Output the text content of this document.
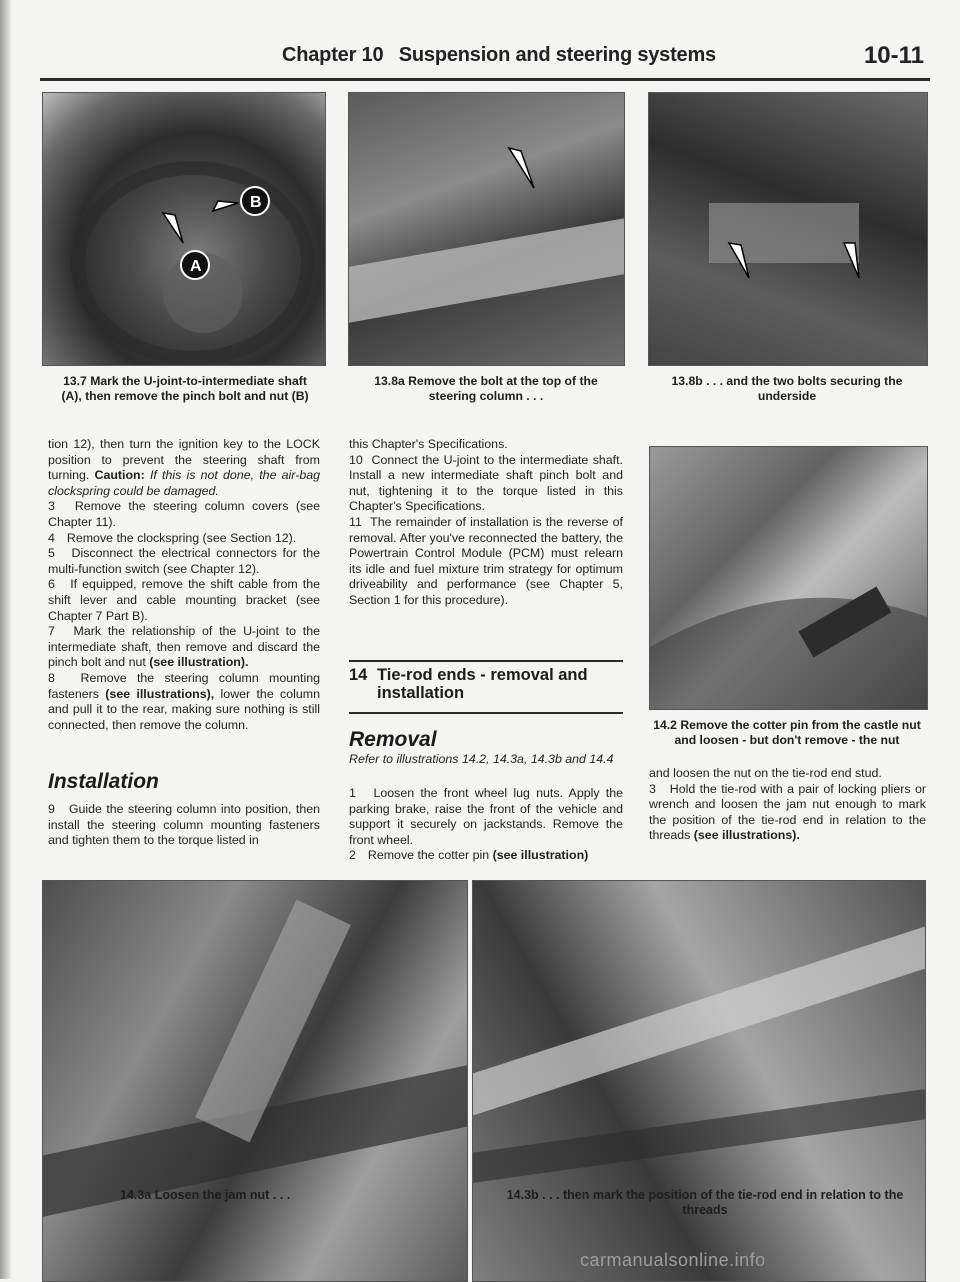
Chapter 10 Suspension and steering systems	10-11
B
A
13.7 Mark the U-joint-to-intermediate shaft (A), then remove the pinch bolt and nut (B)
13.8a Remove the bolt at the top of the steering column . . .
13.8b . . . and the two bolts securing the underside

tion 12), then turn the ignition key to the LOCK position to prevent the steering shaft from turning. Caution: If this is not done, the air-bag clockspring could be damaged.

3 Remove the steering column covers (see Chapter 11).

4 Remove the clockspring (see Section 12).

5 Disconnect the electrical connectors for the multi-function switch (see Chapter 12).

6 If equipped, remove the shift cable from the shift lever and cable mounting bracket (see Chapter 7 Part B).

7 Mark the relationship of the U-joint to the intermediate shaft, then remove and discard the pinch bolt and nut (see illustration).

8 Remove the steering column mounting fasteners (see illustrations), lower the column and pull it to the rear, making sure nothing is still connected, then remove the column.

Installation

9 Guide the steering column into position, then install the steering column mounting fasteners and tighten them to the torque listed in

this Chapter's Specifications.

10 Connect the U-joint to the intermediate shaft. Install a new intermediate shaft pinch bolt and nut, tightening it to the torque listed in this Chapter's Specifications.

11 The remainder of installation is the reverse of removal. After you've reconnected the battery, the Powertrain Control Module (PCM) must relearn its idle and fuel mixture trim strategy for optimum driveability and performance (see Chapter 5, Section 1 for this procedure).

14 Tie-rod ends - removal and installation
Removal
Refer to illustrations 14.2, 14.3a, 14.3b and 14.4

1 Loosen the front wheel lug nuts. Apply the parking brake, raise the front of the vehicle and support it securely on jackstands. Remove the front wheel.

2 Remove the cotter pin (see illustration)

14.2 Remove the cotter pin from the castle nut and loosen - but don't remove - the nut

and loosen the nut on the tie-rod end stud.

3 Hold the tie-rod with a pair of locking pliers or wrench and loosen the jam nut enough to mark the position of the tie-rod end in relation to the threads (see illustrations).

14.3a Loosen the jam nut . . .	14.3b . . . then mark the position of the tie-rod end in relation to the threads
carmanualsonline.info
